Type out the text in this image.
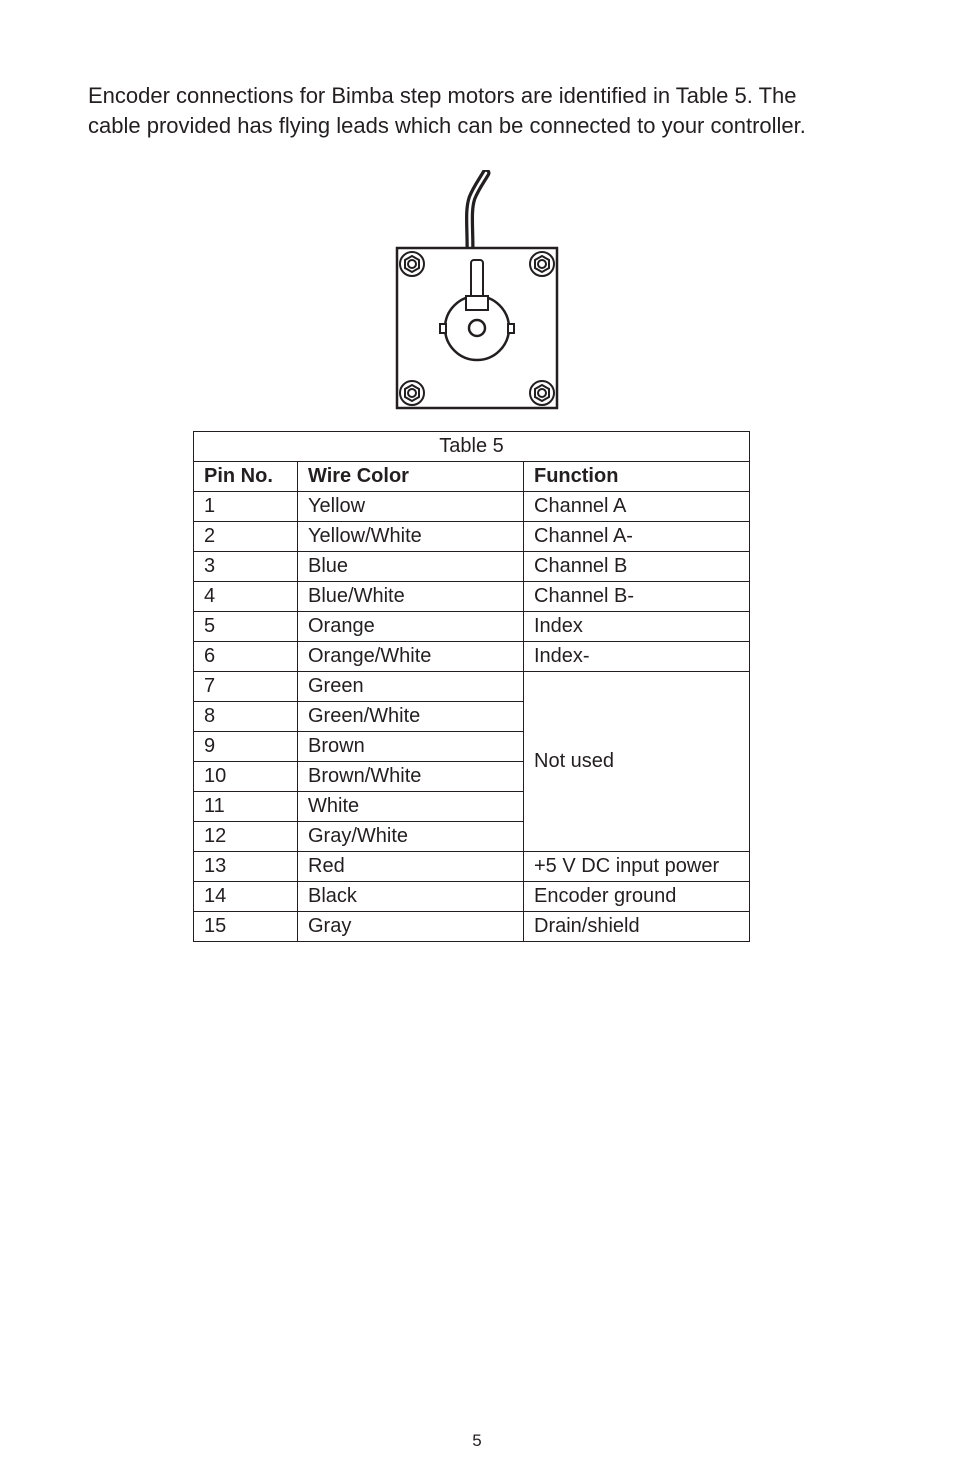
Encoder connections for Bimba step motors are identified in Table 5. The cable provided has flying leads which can be connected to your controller.

Table 5		
Pin No.	Wire Color	Function
1	Yellow	Channel A
2	Yellow/White	Channel A-
3	Blue	Channel B
4	Blue/White	Channel B-
5	Orange	Index
6	Orange/White	Index-
7	Green	Not used
8	Green/White	
9	Brown	
10	Brown/White	
11	White	
12	Gray/White	
13	Red	+5 V DC input power
14	Black	Encoder ground
15	Gray	Drain/shield
5
